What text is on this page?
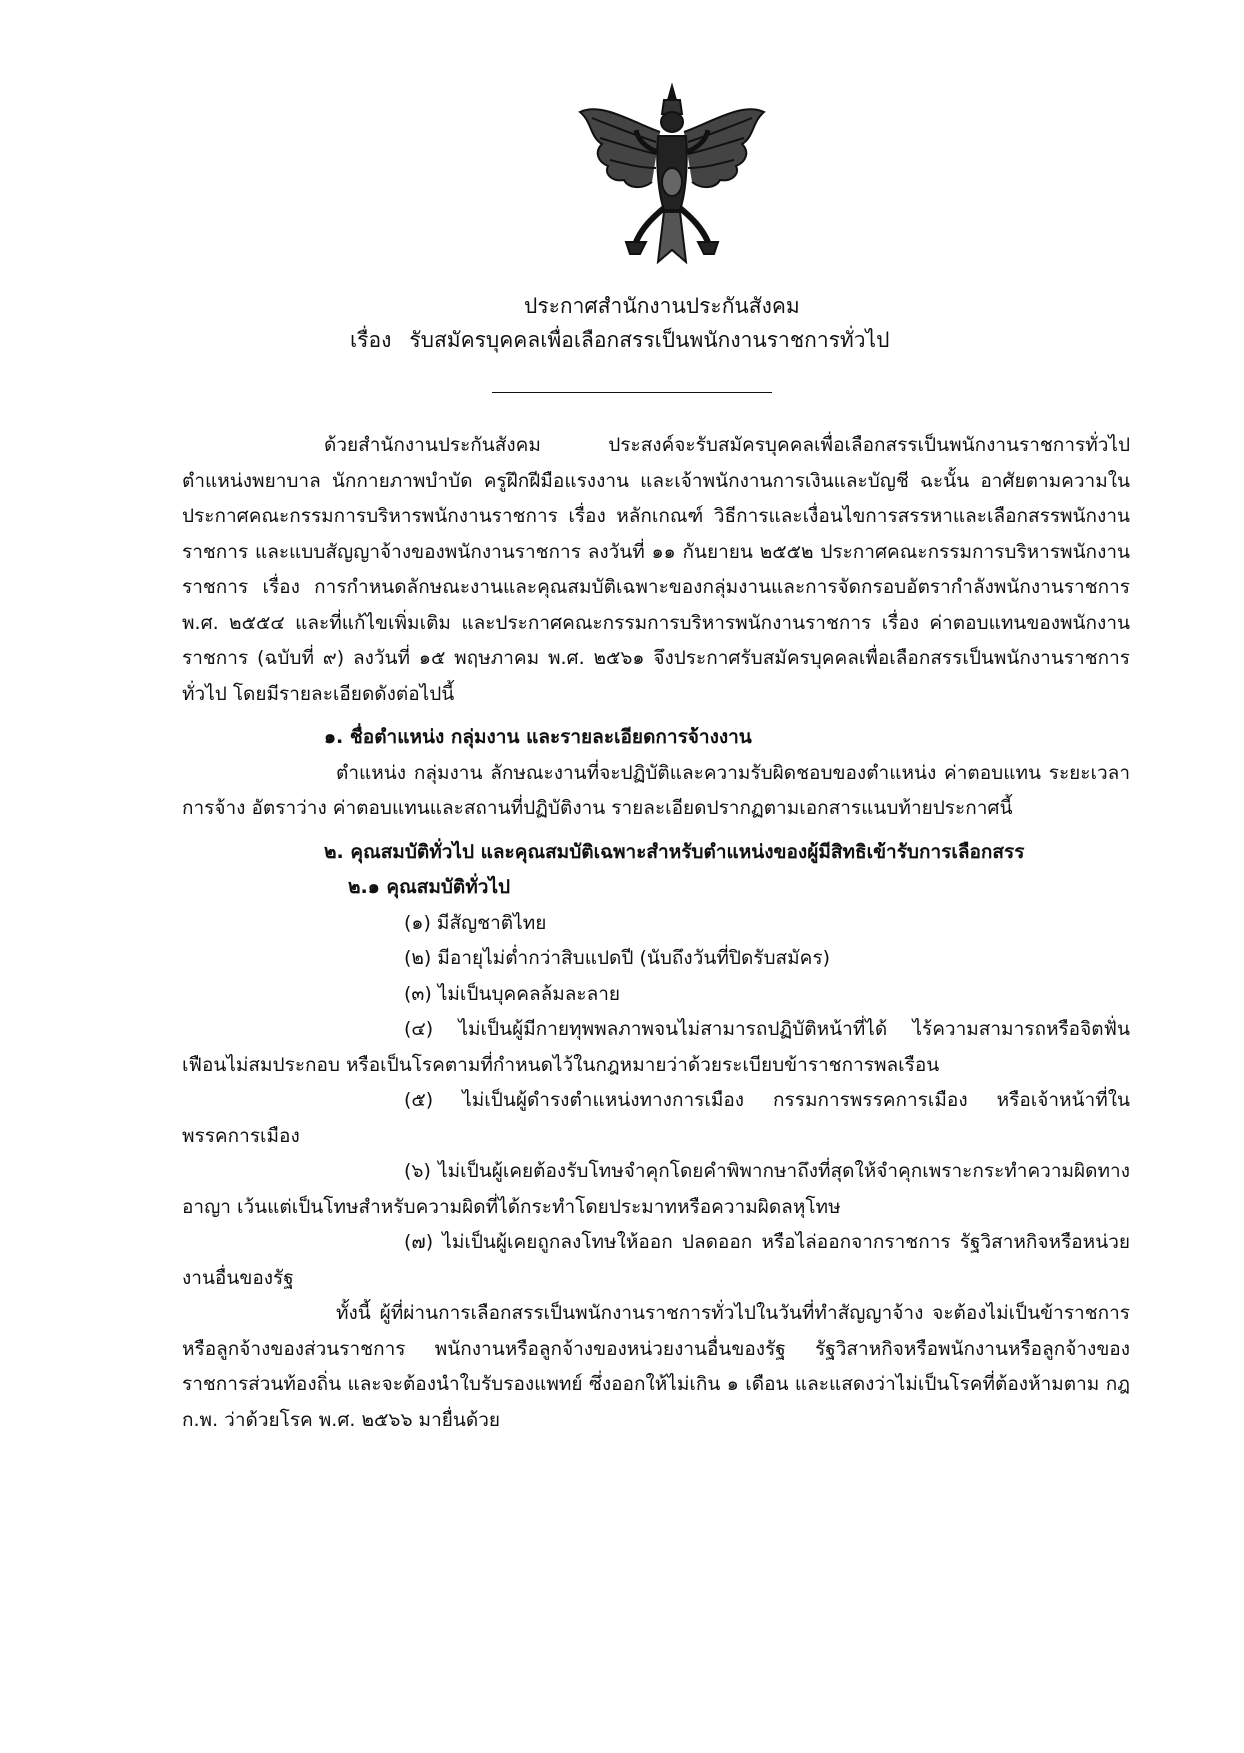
ประกาศสำนักงานประกันสังคม
เรื่อง รับสมัครบุคคลเพื่อเลือกสรรเป็นพนักงานราชการทั่วไป

ด้วยสำนักงานประกันสังคม ประสงค์จะรับสมัครบุคคลเพื่อเลือกสรรเป็นพนักงานราชการทั่วไป ตำแหน่งพยาบาล นักกายภาพบำบัด ครูฝึกฝีมือแรงงาน และเจ้าพนักงานการเงินและบัญชี ฉะนั้น อาศัยตามความในประกาศคณะกรรมการบริหารพนักงานราชการ เรื่อง หลักเกณฑ์ วิธีการและเงื่อนไขการสรรหาและเลือกสรรพนักงานราชการ และแบบสัญญาจ้างของพนักงานราชการ ลงวันที่ ๑๑ กันยายน ๒๕๕๒ ประกาศคณะกรรมการบริหารพนักงานราชการ เรื่อง การกำหนดลักษณะงานและคุณสมบัติเฉพาะของกลุ่มงานและการจัดกรอบอัตรากำลังพนักงานราชการ พ.ศ. ๒๕๕๔ และที่แก้ไขเพิ่มเติม และประกาศคณะกรรมการบริหารพนักงานราชการ เรื่อง ค่าตอบแทนของพนักงานราชการ (ฉบับที่ ๙) ลงวันที่ ๑๕ พฤษภาคม พ.ศ. ๒๕๖๑ จึงประกาศรับสมัครบุคคลเพื่อเลือกสรรเป็นพนักงานราชการทั่วไป โดยมีรายละเอียดดังต่อไปนี้

๑. ชื่อตำแหน่ง กลุ่มงาน และรายละเอียดการจ้างงาน

ตำแหน่ง กลุ่มงาน ลักษณะงานที่จะปฏิบัติและความรับผิดชอบของตำแหน่ง ค่าตอบแทน ระยะเวลาการจ้าง อัตราว่าง ค่าตอบแทนและสถานที่ปฏิบัติงาน รายละเอียดปรากฏตามเอกสารแนบท้ายประกาศนี้

๒. คุณสมบัติทั่วไป และคุณสมบัติเฉพาะสำหรับตำแหน่งของผู้มีสิทธิเข้ารับการเลือกสรร

๒.๑ คุณสมบัติทั่วไป

(๑) มีสัญชาติไทย

(๒) มีอายุไม่ต่ำกว่าสิบแปดปี (นับถึงวันที่ปิดรับสมัคร)

(๓) ไม่เป็นบุคคลล้มละลาย

(๔) ไม่เป็นผู้มีกายทุพพลภาพจนไม่สามารถปฏิบัติหน้าที่ได้ ไร้ความสามารถหรือจิตฟั่นเฟือนไม่สมประกอบ หรือเป็นโรคตามที่กำหนดไว้ในกฎหมายว่าด้วยระเบียบข้าราชการพลเรือน

(๕) ไม่เป็นผู้ดำรงตำแหน่งทางการเมือง กรรมการพรรคการเมือง หรือเจ้าหน้าที่ในพรรคการเมือง

(๖) ไม่เป็นผู้เคยต้องรับโทษจำคุกโดยคำพิพากษาถึงที่สุดให้จำคุกเพราะกระทำความผิดทางอาญา เว้นแต่เป็นโทษสำหรับความผิดที่ได้กระทำโดยประมาทหรือความผิดลหุโทษ

(๗) ไม่เป็นผู้เคยถูกลงโทษให้ออก ปลดออก หรือไล่ออกจากราชการ รัฐวิสาหกิจหรือหน่วยงานอื่นของรัฐ

ทั้งนี้ ผู้ที่ผ่านการเลือกสรรเป็นพนักงานราชการทั่วไปในวันที่ทำสัญญาจ้าง จะต้องไม่เป็นข้าราชการหรือลูกจ้างของส่วนราชการ พนักงานหรือลูกจ้างของหน่วยงานอื่นของรัฐ รัฐวิสาหกิจหรือพนักงานหรือลูกจ้างของราชการส่วนท้องถิ่น และจะต้องนำใบรับรองแพทย์ ซึ่งออกให้ไม่เกิน ๑ เดือน และแสดงว่าไม่เป็นโรคที่ต้องห้ามตาม กฎ ก.พ. ว่าด้วยโรค พ.ศ. ๒๕๖๖ มายื่นด้วย
